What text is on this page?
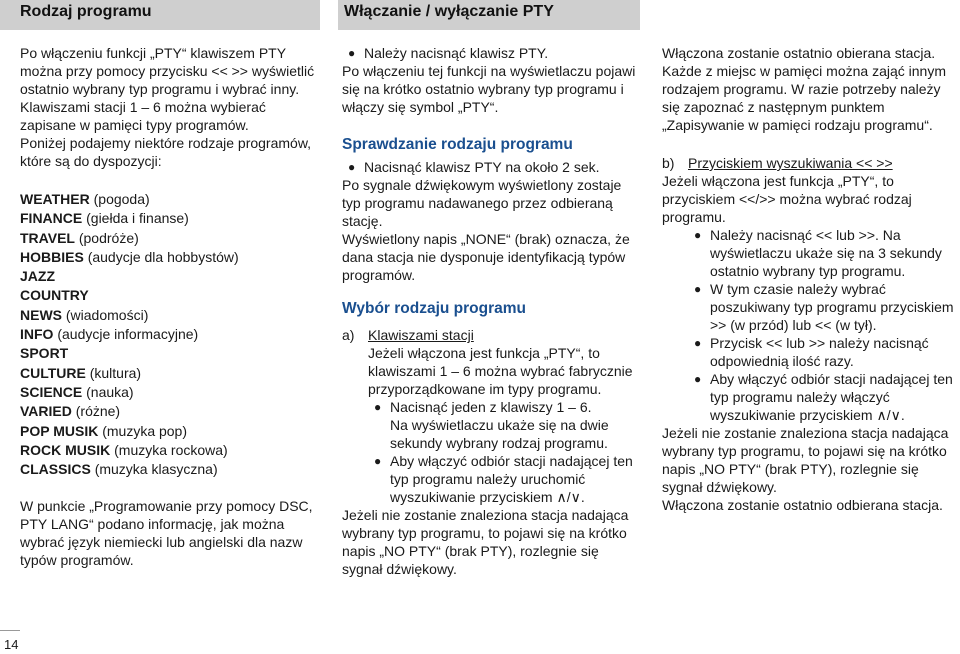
Rodzaj programu

Po włączeniu funkcji „PTY“ klawiszem PTY można przy pomocy przycisku << >> wyświetlić ostatnio wybrany typ programu i wybrać inny.

Klawiszami stacji 1 – 6 można wybierać zapisane w pamięci typy programów.

Poniżej podajemy niektóre rodzaje programów, które są do dyspozycji:

WEATHER (pogoda)
FINANCE (giełda i finanse)
TRAVEL (podróże)
HOBBIES (audycje dla hobbystów)
JAZZ
COUNTRY
NEWS (wiadomości)
INFO (audycje informacyjne)
SPORT
CULTURE (kultura)
SCIENCE (nauka)
VARIED (różne)
POP MUSIK (muzyka pop)
ROCK MUSIK (muzyka rockowa)
CLASSICS (muzyka klasyczna)

W punkcie „Programowanie przy pomocy DSC, PTY LANG“ podano informację, jak można wybrać język niemiecki lub angielski dla nazw typów programów.

Włączanie / wyłączanie PTY
● Należy nacisnąć klawisz PTY.

Po włączeniu tej funkcji na wyświetlaczu pojawi się na krótko ostatnio wybrany typ programu i włączy się symbol „PTY“.

Sprawdzanie rodzaju programu

● Nacisnąć klawisz PTY na około 2 sek.

Po sygnale dźwiękowym wyświetlony zostaje typ programu nadawanego przez odbieraną stację.

Wyświetlony napis „NONE“ (brak) oznacza, że dana stacja nie dysponuje identyfikacją typów programów.

Wybór rodzaju programu

a) Klawiszami stacji

Jeżeli włączona jest funkcja „PTY“, to klawiszami 1 – 6 można wybrać fabrycznie przyporządkowane im typy programu.

● Nacisnąć jeden z klawiszy 1 – 6.
Na wyświetlaczu ukaże się na dwie sekundy wybrany rodzaj programu.
● Aby włączyć odbiór stacji nadającej ten typ programu należy uruchomić wyszukiwanie przyciskiem ∧/∨.

Jeżeli nie zostanie znaleziona stacja nadająca wybrany typ programu, to pojawi się na krótko napis „NO PTY“ (brak PTY), rozlegnie się sygnał dźwiękowy.

Włączona zostanie ostatnio obierana stacja.

Każde z miejsc w pamięci można zająć innym rodzajem programu. W razie potrzeby należy się zapoznać z następnym punktem „Zapisywanie w pamięci rodzaju programu“.

b) Przyciskiem wyszukiwania << >>

Jeżeli włączona jest funkcja „PTY“, to przyciskiem <</>> można wybrać rodzaj programu.

● Należy nacisnąć << lub >>. Na wyświetlaczu ukaże się na 3 sekundy ostatnio wybrany typ programu.
● W tym czasie należy wybrać poszukiwany typ programu przyciskiem >> (w przód) lub << (w tył).
● Przycisk << lub >> należy nacisnąć odpowiednią ilość razy.
● Aby włączyć odbiór stacji nadającej ten typ programu należy włączyć wyszukiwanie przyciskiem ∧/∨.

Jeżeli nie zostanie znaleziona stacja nadająca wybrany typ programu, to pojawi się na krótko napis „NO PTY“ (brak PTY), rozlegnie się sygnał dźwiękowy.

Włączona zostanie ostatnio odbierana stacja.

14
